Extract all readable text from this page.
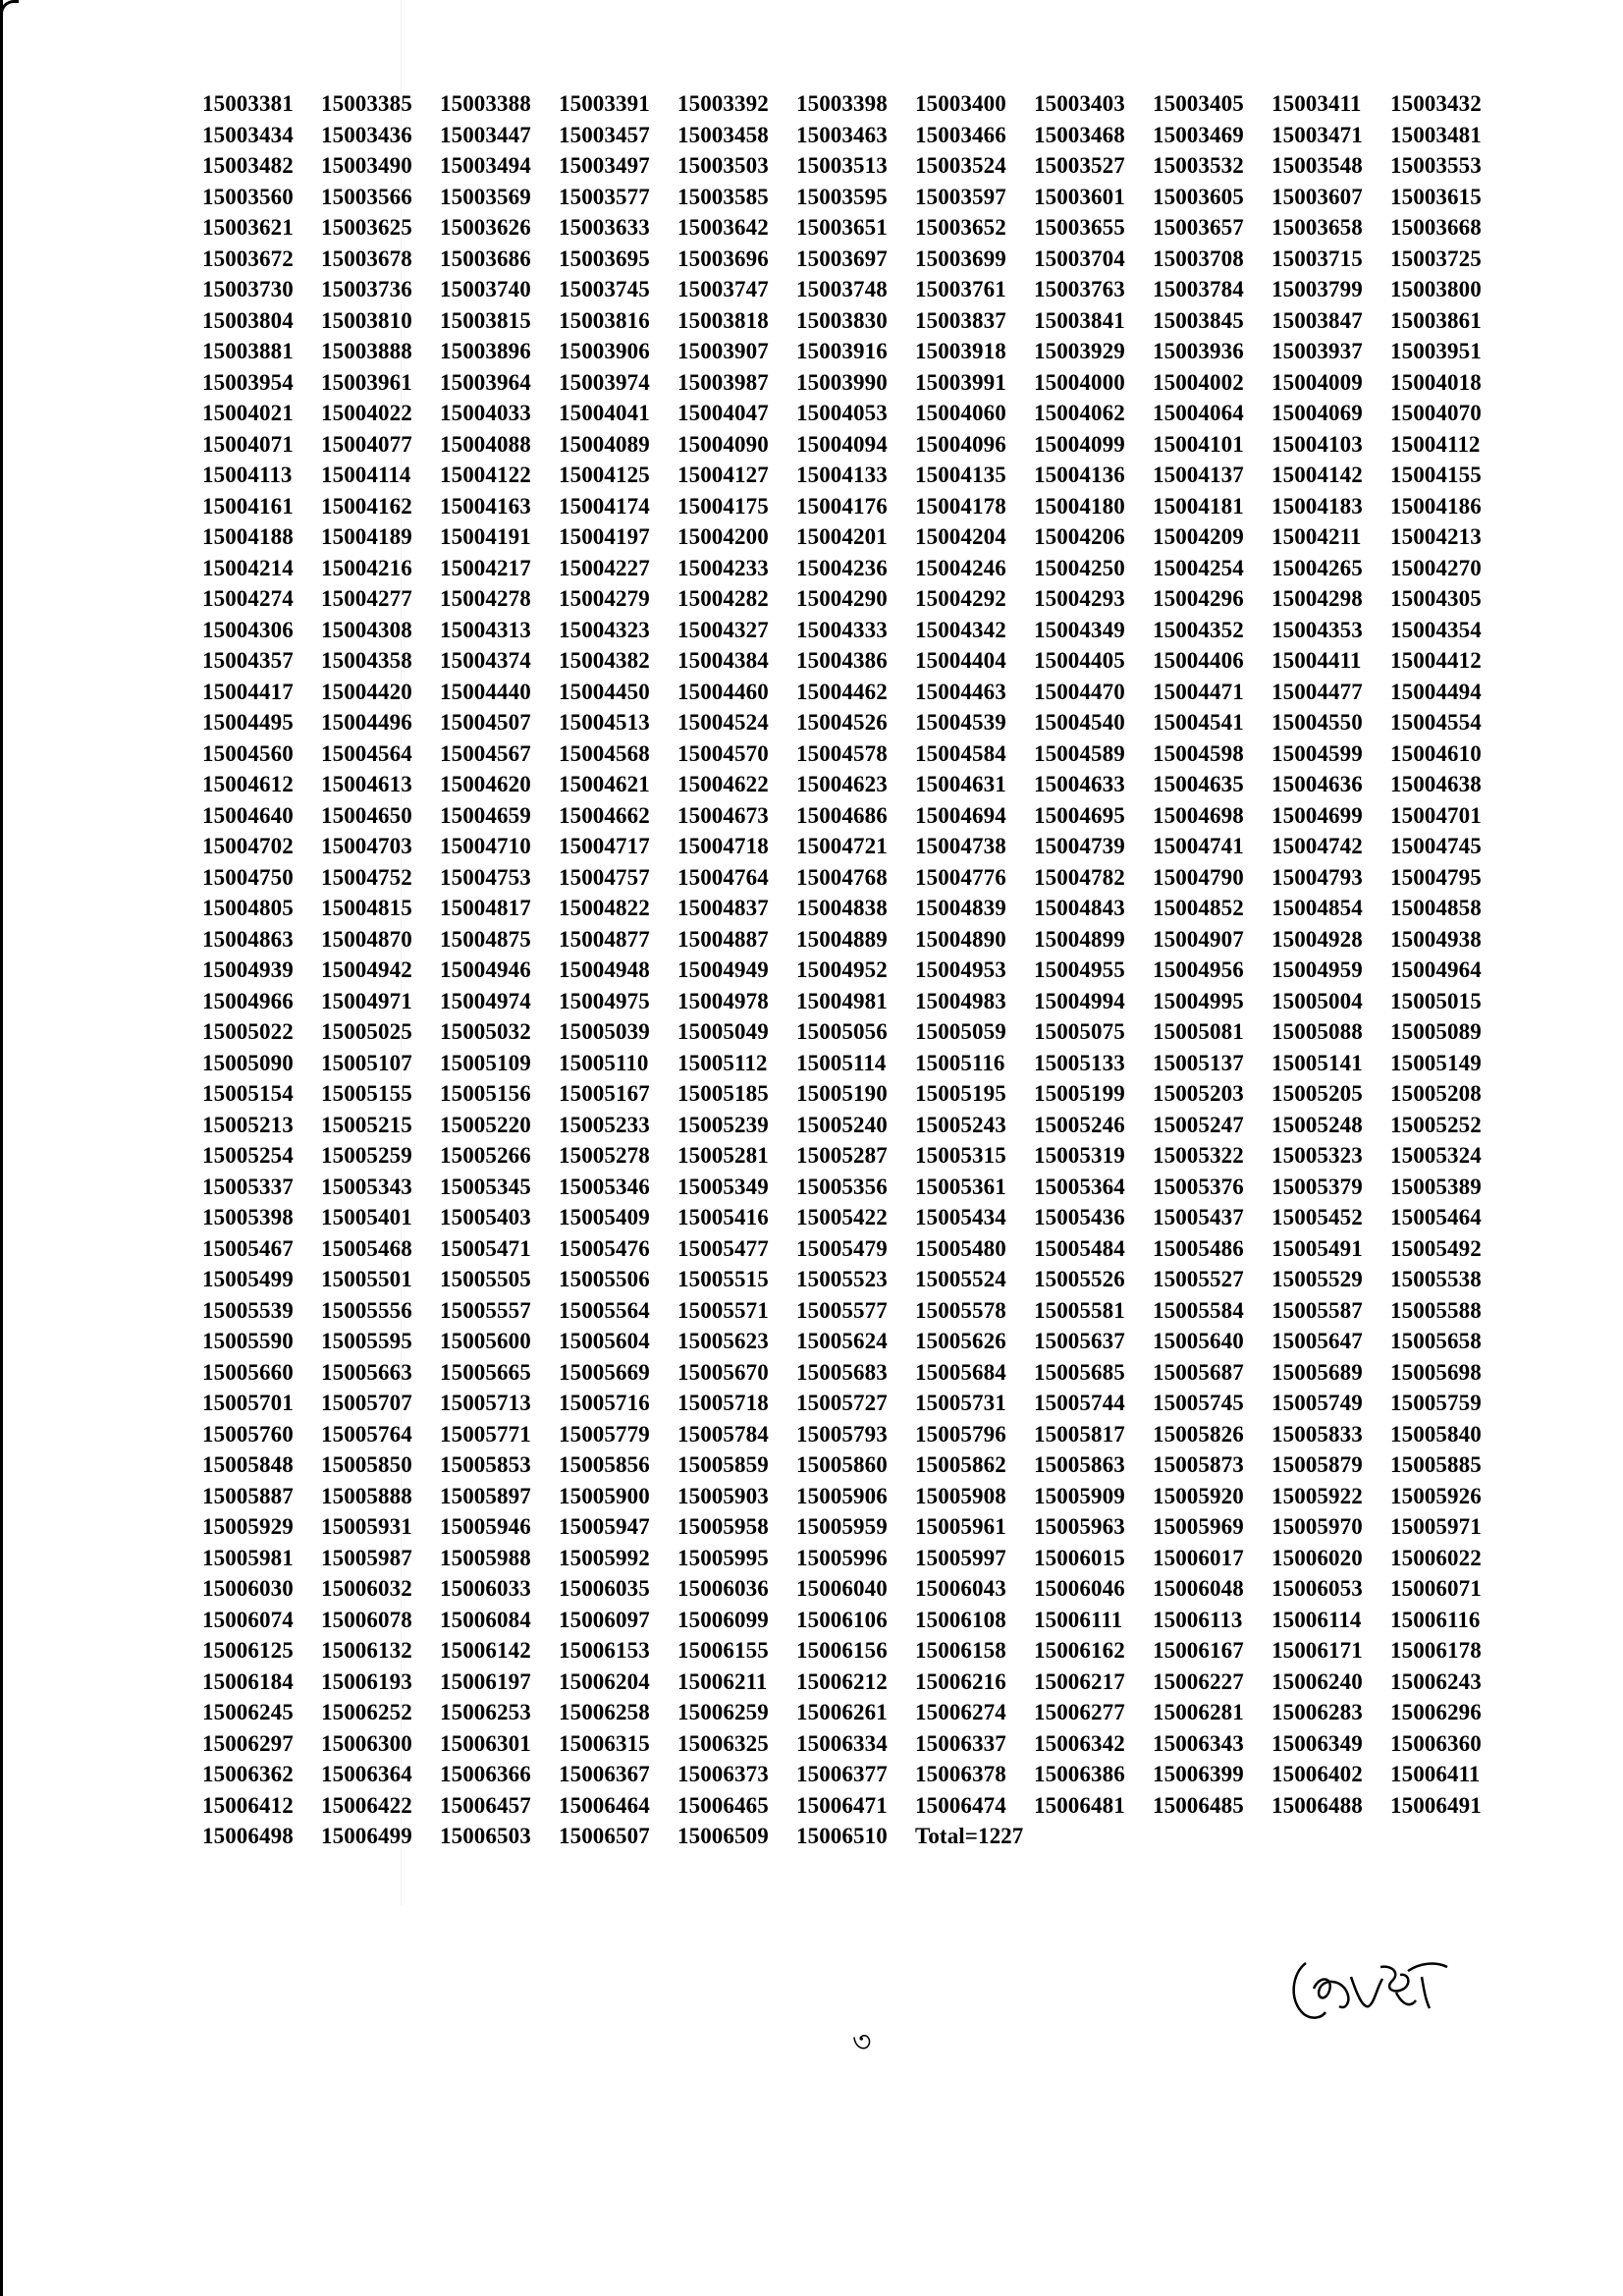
15003381	15003385	15003388	15003391	15003392	15003398	15003400	15003403	15003405	15003411	15003432
15003434	15003436	15003447	15003457	15003458	15003463	15003466	15003468	15003469	15003471	15003481
15003482	15003490	15003494	15003497	15003503	15003513	15003524	15003527	15003532	15003548	15003553
15003560	15003566	15003569	15003577	15003585	15003595	15003597	15003601	15003605	15003607	15003615
15003621	15003625	15003626	15003633	15003642	15003651	15003652	15003655	15003657	15003658	15003668
15003672	15003678	15003686	15003695	15003696	15003697	15003699	15003704	15003708	15003715	15003725
15003730	15003736	15003740	15003745	15003747	15003748	15003761	15003763	15003784	15003799	15003800
15003804	15003810	15003815	15003816	15003818	15003830	15003837	15003841	15003845	15003847	15003861
15003881	15003888	15003896	15003906	15003907	15003916	15003918	15003929	15003936	15003937	15003951
15003954	15003961	15003964	15003974	15003987	15003990	15003991	15004000	15004002	15004009	15004018
15004021	15004022	15004033	15004041	15004047	15004053	15004060	15004062	15004064	15004069	15004070
15004071	15004077	15004088	15004089	15004090	15004094	15004096	15004099	15004101	15004103	15004112
15004113	15004114	15004122	15004125	15004127	15004133	15004135	15004136	15004137	15004142	15004155
15004161	15004162	15004163	15004174	15004175	15004176	15004178	15004180	15004181	15004183	15004186
15004188	15004189	15004191	15004197	15004200	15004201	15004204	15004206	15004209	15004211	15004213
15004214	15004216	15004217	15004227	15004233	15004236	15004246	15004250	15004254	15004265	15004270
15004274	15004277	15004278	15004279	15004282	15004290	15004292	15004293	15004296	15004298	15004305
15004306	15004308	15004313	15004323	15004327	15004333	15004342	15004349	15004352	15004353	15004354
15004357	15004358	15004374	15004382	15004384	15004386	15004404	15004405	15004406	15004411	15004412
15004417	15004420	15004440	15004450	15004460	15004462	15004463	15004470	15004471	15004477	15004494
15004495	15004496	15004507	15004513	15004524	15004526	15004539	15004540	15004541	15004550	15004554
15004560	15004564	15004567	15004568	15004570	15004578	15004584	15004589	15004598	15004599	15004610
15004612	15004613	15004620	15004621	15004622	15004623	15004631	15004633	15004635	15004636	15004638
15004640	15004650	15004659	15004662	15004673	15004686	15004694	15004695	15004698	15004699	15004701
15004702	15004703	15004710	15004717	15004718	15004721	15004738	15004739	15004741	15004742	15004745
15004750	15004752	15004753	15004757	15004764	15004768	15004776	15004782	15004790	15004793	15004795
15004805	15004815	15004817	15004822	15004837	15004838	15004839	15004843	15004852	15004854	15004858
15004863	15004870	15004875	15004877	15004887	15004889	15004890	15004899	15004907	15004928	15004938
15004939	15004942	15004946	15004948	15004949	15004952	15004953	15004955	15004956	15004959	15004964
15004966	15004971	15004974	15004975	15004978	15004981	15004983	15004994	15004995	15005004	15005015
15005022	15005025	15005032	15005039	15005049	15005056	15005059	15005075	15005081	15005088	15005089
15005090	15005107	15005109	15005110	15005112	15005114	15005116	15005133	15005137	15005141	15005149
15005154	15005155	15005156	15005167	15005185	15005190	15005195	15005199	15005203	15005205	15005208
15005213	15005215	15005220	15005233	15005239	15005240	15005243	15005246	15005247	15005248	15005252
15005254	15005259	15005266	15005278	15005281	15005287	15005315	15005319	15005322	15005323	15005324
15005337	15005343	15005345	15005346	15005349	15005356	15005361	15005364	15005376	15005379	15005389
15005398	15005401	15005403	15005409	15005416	15005422	15005434	15005436	15005437	15005452	15005464
15005467	15005468	15005471	15005476	15005477	15005479	15005480	15005484	15005486	15005491	15005492
15005499	15005501	15005505	15005506	15005515	15005523	15005524	15005526	15005527	15005529	15005538
15005539	15005556	15005557	15005564	15005571	15005577	15005578	15005581	15005584	15005587	15005588
15005590	15005595	15005600	15005604	15005623	15005624	15005626	15005637	15005640	15005647	15005658
15005660	15005663	15005665	15005669	15005670	15005683	15005684	15005685	15005687	15005689	15005698
15005701	15005707	15005713	15005716	15005718	15005727	15005731	15005744	15005745	15005749	15005759
15005760	15005764	15005771	15005779	15005784	15005793	15005796	15005817	15005826	15005833	15005840
15005848	15005850	15005853	15005856	15005859	15005860	15005862	15005863	15005873	15005879	15005885
15005887	15005888	15005897	15005900	15005903	15005906	15005908	15005909	15005920	15005922	15005926
15005929	15005931	15005946	15005947	15005958	15005959	15005961	15005963	15005969	15005970	15005971
15005981	15005987	15005988	15005992	15005995	15005996	15005997	15006015	15006017	15006020	15006022
15006030	15006032	15006033	15006035	15006036	15006040	15006043	15006046	15006048	15006053	15006071
15006074	15006078	15006084	15006097	15006099	15006106	15006108	15006111	15006113	15006114	15006116
15006125	15006132	15006142	15006153	15006155	15006156	15006158	15006162	15006167	15006171	15006178
15006184	15006193	15006197	15006204	15006211	15006212	15006216	15006217	15006227	15006240	15006243
15006245	15006252	15006253	15006258	15006259	15006261	15006274	15006277	15006281	15006283	15006296
15006297	15006300	15006301	15006315	15006325	15006334	15006337	15006342	15006343	15006349	15006360
15006362	15006364	15006366	15006367	15006373	15006377	15006378	15006386	15006399	15006402	15006411
15006412	15006422	15006457	15006464	15006465	15006471	15006474	15006481	15006485	15006488	15006491
15006498	15006499	15006503	15006507	15006509	15006510	Total=1227
৩
